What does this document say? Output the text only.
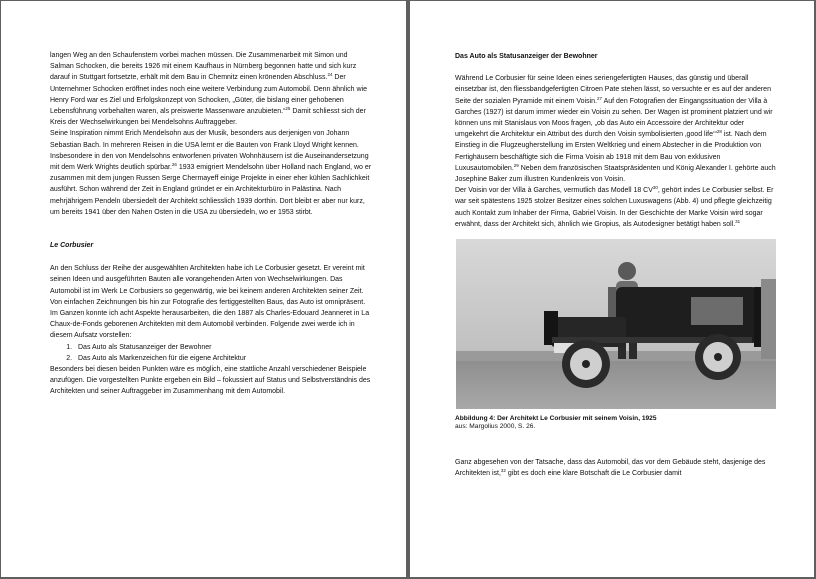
langen Weg an den Schaufenstern vorbei machen müssen. Die Zusammenarbeit mit Simon und Salman Schocken, die bereits 1926 mit einem Kaufhaus in Nürnberg begonnen hatte und sich kurz darauf in Stuttgart fortsetzte, erhält mit dem Bau in Chemnitz einen krönenden Abschluss.$^{24}$ Der Unternehmer Schocken eröffnet indes noch eine weitere Verbindung zum Automobil. Denn ähnlich wie Henry Ford war es Ziel und Erfolgskonzept von Schocken, „Güter, die bislang einer gehobenen Lebensführung vorbehalten waren, als preiswerte Massenware anzubieten.“$^{25}$ Damit schliesst sich der Kreis der Wechselwirkungen bei Mendelsohns Auftraggeber.

Seine Inspiration nimmt Erich Mendelsohn aus der Musik, besonders aus derjenigen von Johann Sebastian Bach. In mehreren Reisen in die USA lernt er die Bauten von Frank Lloyd Wright kennen. Insbesondere in den von Mendelsohns entworfenen privaten Wohnhäusern ist die Auseinandersetzung mit dem Werk Wrights deutlich spürbar.$^{26}$ 1933 emigriert Mendelsohn über Holland nach England, wo er zusammen mit dem jungen Russen Serge Chermayeff einige Projekte in einer eher kühlen Sachlichkeit ausführt. Schon während der Zeit in England gründet er ein Architekturbüro in Palästina. Nach mehrjährigem Pendeln übersiedelt der Architekt schliesslich 1939 dorthin. Dort bleibt er aber nur kurz, um bereits 1941 über den Nahen Osten in die USA zu übersiedeln, wo er 1953 stirbt.

Le Corbusier

An den Schluss der Reihe der ausgewählten Architekten habe ich Le Corbusier gesetzt. Er vereint mit seinen Ideen und ausgeführten Bauten alle vorangehenden Arten von Wechselwirkungen. Das Automobil ist im Werk Le Corbusiers so gegenwärtig, wie bei keinem anderen Architekten seiner Zeit. Von einfachen Zeichnungen bis hin zur Fotografie des fertiggestellten Baus, das Auto ist omnipräsent. Im Ganzen konnte ich acht Aspekte herausarbeiten, die den 1887 als Charles-Edouard Jeanneret in La Chaux-de-Fonds geborenen Architekten mit dem Automobil verbinden. Folgende zwei werde ich in diesem Aufsatz vorstellen:

1. Das Auto als Statusanzeiger der Bewohner
2. Das Auto als Markenzeichen für die eigene Architektur

Besonders bei diesen beiden Punkten wäre es möglich, eine stattliche Anzahl verschiedener Beispiele anzufügen. Die vorgestellten Punkte ergeben ein Bild – fokussiert auf Status und Selbstverständnis des Architekten und seiner Auftraggeber im Zusammenhang mit dem Automobil.

Das Auto als Statusanzeiger der Bewohner

Während Le Corbusier für seine Ideen eines seriengefertigten Hauses, das günstig und überall einsetzbar ist, den fliessbandgefertigten Citroen Pate stehen lässt, so versuchte er es auf der anderen Seite der sozialen Pyramide mit einem Voisin.$^{27}$ Auf den Fotografien der Eingangssituation der Villa à Garches (1927) ist darum immer wieder ein Voisin zu sehen. Der Wagen ist prominent platziert und wir können uns mit Stanislaus von Moos fragen, „ob das Auto ein Accessoire der Architektur oder umgekehrt die Architektur ein Attribut des durch den Voisin symbolisierten ‚good life‘“$^{28}$ ist. Nach dem Einstieg in die Flugzeugherstellung im Ersten Weltkrieg und einem Abstecher in die Produktion von Fertighäusern beschäftigte sich die Firma Voisin ab 1918 mit dem Bau von exklusiven Luxusautomobilen.$^{29}$ Neben dem französischen Staatspräsidenten und König Alexander I. gehörte auch Josephine Baker zum illustren Kundenkreis von Voisin.

Der Voisin vor der Villa à Garches, vermutlich das Modell 18 CV$^{30}$, gehört indes Le Corbusier selbst. Er war seit spätestens 1925 stolzer Besitzer eines solchen Luxuswagens (Abb. 4) und pflegte gleichzeitig auch Kontakt zum Inhaber der Firma, Gabriel Voisin. In der Geschichte der Marke Voisin wird sogar erwähnt, dass der Architekt sich, ähnlich wie Gropius, als Autodesigner betätigt haben soll.$^{31}$

Abbildung 4: Der Architekt Le Corbusier mit seinem Voisin, 1925

aus: Margolius 2000, S. 26.

Ganz abgesehen von der Tatsache, dass das Automobil, das vor dem Gebäude steht, dasjenige des Architekten ist,$^{32}$ gibt es doch eine klare Botschaft die Le Corbusier damit
